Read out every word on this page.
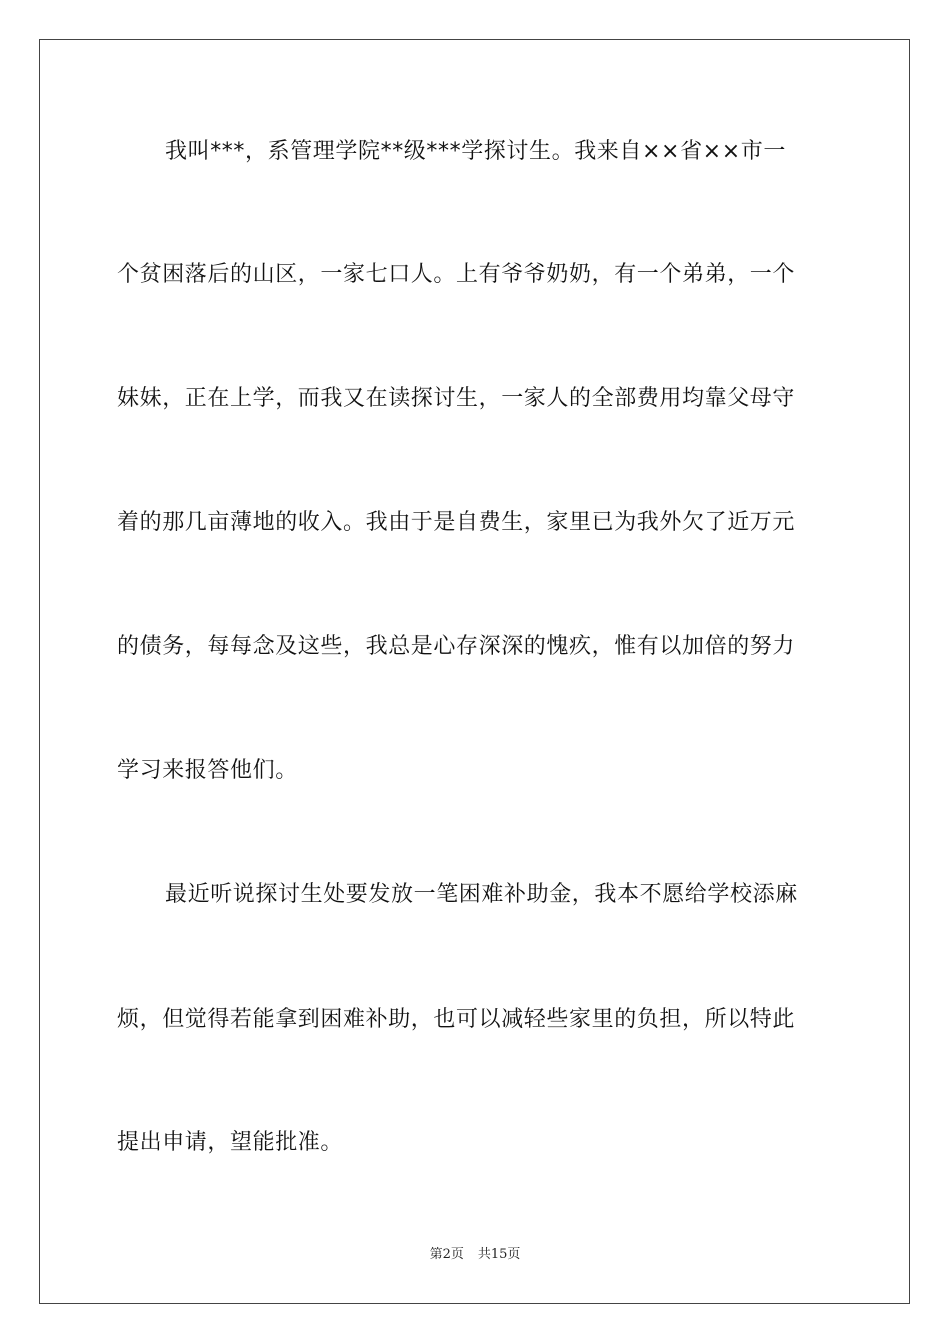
我叫***，系管理学院**级***学探讨生。我来自××省××市一
个贫困落后的山区，一家七口人。上有爷爷奶奶，有一个弟弟，一个
妹妹，正在上学，而我又在读探讨生，一家人的全部费用均靠父母守
着的那几亩薄地的收入。我由于是自费生，家里已为我外欠了近万元
的债务，每每念及这些，我总是心存深深的愧疚，惟有以加倍的努力
学习来报答他们。
最近听说探讨生处要发放一笔困难补助金，我本不愿给学校添麻
烦，但觉得若能拿到困难补助，也可以减轻些家里的负担，所以特此
提出申请，望能批准。
第2页 共15页
